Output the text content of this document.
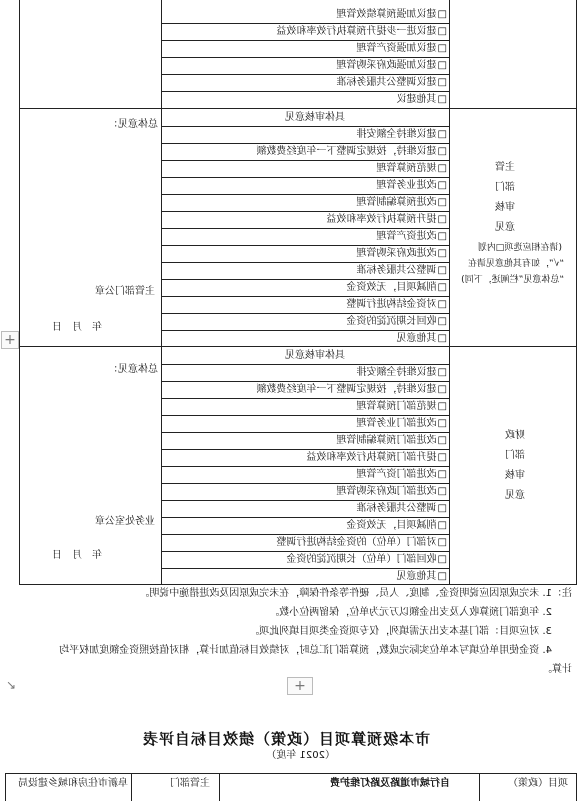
□ 建议加强预算绩效管理
□ 建议进一步提升预算执行效率和效益
□ 建议加强资产管理
□ 建议加强政府采购管理
□ 建议调整公共服务标准
□ 其他建议
具体审核意见
□ 建议维持全额安排
□ 建议维持，按规定调整下一年度经费数额
□ 规范预算管理
□ 改进业务管理
□ 改进预算编制管理
□ 提升预算执行效率和效益
□ 改进资产管理
□ 改进政府采购管理
□ 调整公共服务标准
□ 削减项目，无效资金
□ 对资金结构进行调整
□ 收回长期沉淀的资金
□ 其他意见
主管
部门
审核
意见
(请在相应选项□内划
“√”，如有其他意见请在
“总体意见”栏阐述，下同)
总体意见：
主管部门公章
年　月　日
具体审核意见
□ 建议维持全额安排
□ 建议维持，按规定调整下一年度经费数额
□ 规范部门预算管理
□ 改进部门业务管理
□ 改进部门预算编制管理
□ 提升部门预算执行效率和效益
□ 改进部门资产管理
□ 改进部门政府采购管理
□ 调整公共服务标准
□ 削减项目，无效资金
□ 对部门（单位）的资金结构进行调整
□ 收回部门（单位）长期沉淀的资金
□ 其他意见
财政
部门
审核
意见
总体意见：
业务处室公章
年　月　日
注：1. 未完成原因应说明资金、制度、人员、硬件等条件保障，在未完成原因及改进措施中说明。
2. 年度部门预算收入及支出金额以万元为单位，保留两位小数。
3. 对应项目：部门基本支出无需填列，仅专项资金类项目填列此项。
4. 资金使用单位填写本单位实际完成数，预算部门汇总时，对绩效目标值加计算，相对值按照资金额度加权平均
计算。
市本级预算项目（政策）绩效目标自评表
（2021 年度）
项目（政策）
自行城市道路及路灯维护费
主管部门
阜新市住房和城乡建设局
+
+
↘
